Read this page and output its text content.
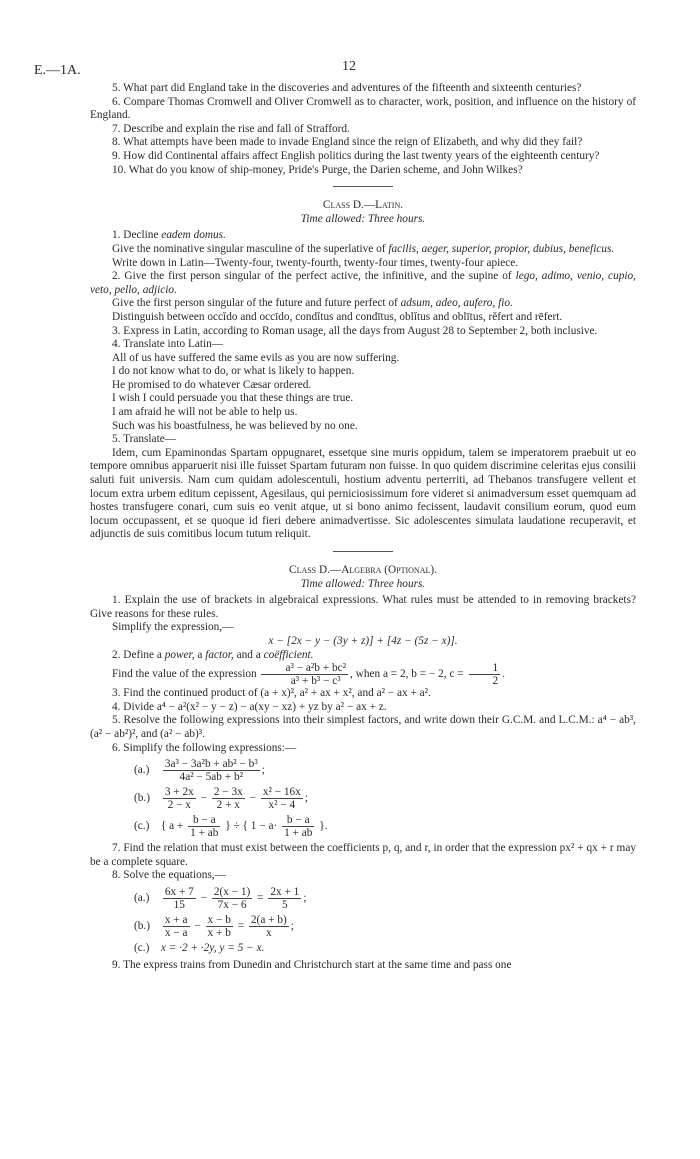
E.—1A.	12

5. What part did England take in the discoveries and adventures of the fifteenth and sixteenth centuries?

6. Compare Thomas Cromwell and Oliver Cromwell as to character, work, position, and influence on the history of England.

7. Describe and explain the rise and fall of Strafford.

8. What attempts have been made to invade England since the reign of Elizabeth, and why did they fail?

9. How did Continental affairs affect English politics during the last twenty years of the eighteenth century?

10. What do you know of ship-money, Pride's Purge, the Darien scheme, and John Wilkes?

Class D.—Latin.

Time allowed: Three hours.

1. Decline eadem domus.

Give the nominative singular masculine of the superlative of facilis, aeger, superior, propior, dubius, beneficus.

Write down in Latin—Twenty-four, twenty-fourth, twenty-four times, twenty-four apiece.

2. Give the first person singular of the perfect active, the infinitive, and the supine of lego, adimo, venio, cupio, veto, pello, adjicio.

Give the first person singular of the future and future perfect of adsum, adeo, aufero, fio.

Distinguish between occĭdo and occīdo, condĭtus and condītus, oblĭtus and oblītus, rĕfert and rēfert.

3. Express in Latin, according to Roman usage, all the days from August 28 to September 2, both inclusive.

4. Translate into Latin—

All of us have suffered the same evils as you are now suffering.

I do not know what to do, or what is likely to happen.

He promised to do whatever Cæsar ordered.

I wish I could persuade you that these things are true.

I am afraid he will not be able to help us.

Such was his boastfulness, he was believed by no one.

5. Translate—

Idem, cum Epaminondas Spartam oppugnaret, essetque sine muris oppidum, talem se imperatorem praebuit ut eo tempore omnibus apparuerit nisi ille fuisset Spartam futuram non fuisse. In quo quidem discrimine celeritas ejus consilii saluti fuit universis. Nam cum quidam adolescentuli, hostium adventu perterriti, ad Thebanos transfugere vellent et locum extra urbem editum cepissent, Agesilaus, qui perniciosissimum fore videret si animadversum esset quemquam ad hostes transfugere conari, cum suis eo venit atque, ut si bono animo fecissent, laudavit consilium eorum, quod eum locum occupassent, et se quoque id fieri debere animadvertisse. Sic adolescentes simulata laudatione recuperavit, et adjunctis de suis comitibus locum tutum reliquit.

Class D.—Algebra (Optional).

Time allowed: Three hours.

1. Explain the use of brackets in algebraical expressions. What rules must be attended to in removing brackets? Give reasons for these rules.

Simplify the expression,—

x − [2x − y − (3y + z)] + [4z − (5z − x)].

2. Define a power, a factor, and a coëfficient.

Find the value of the expression $\frac{\text{a³ − a²b + bc²}}{\text{a³ + b³ − c³}}$ , when a = 2, b = − 2, $c = \frac{1}{2}$ .

3. Find the continued product of (a + x)², a² + ax + x², and a² − ax + a².

4. Divide a⁴ − a²(x² − y − z) − a(xy − xz) + yz by a² − ax + z.

5. Resolve the following expressions into their simplest factors, and write down their G.C.M. and L.C.M.: a⁴ − ab³, (a² − ab²)², and (a² − ab)³.

6. Simplify the following expressions:—

$(a.) \frac{\text{3a³ − 3a²b + ab² − b³}}{\text{4a² − 5ab + b²}}$ ;
$(b.) \frac{3 + 2x}{2 - x} - \frac{2 - 3x}{2 + x} - \frac{\text{x² − 16x}}{\text{x² − 4}}$ ;
(c.) { $a + \frac{b - a}{1 + ab}$ } ÷ { $1 - a\cdot \frac{b - a}{1 + ab}$ }.

7. Find the relation that must exist between the coefficients p, q, and r, in order that the expression px² + qx + r may be a complete square.

8. Solve the equations,—

$(a.) \frac{6x + 7}{15} - \frac{2(x - 1)}{7x - 6} = \frac{2x + 1}{5}$ ;
$(b.) \frac{x + a}{x - a} - \frac{x - b}{x + b} = \frac{2(a + b)}{x}$ ;
(c.) x = ·2 + ·2y, y = 5 − x.

9. The express trains from Dunedin and Christchurch start at the same time and pass one
